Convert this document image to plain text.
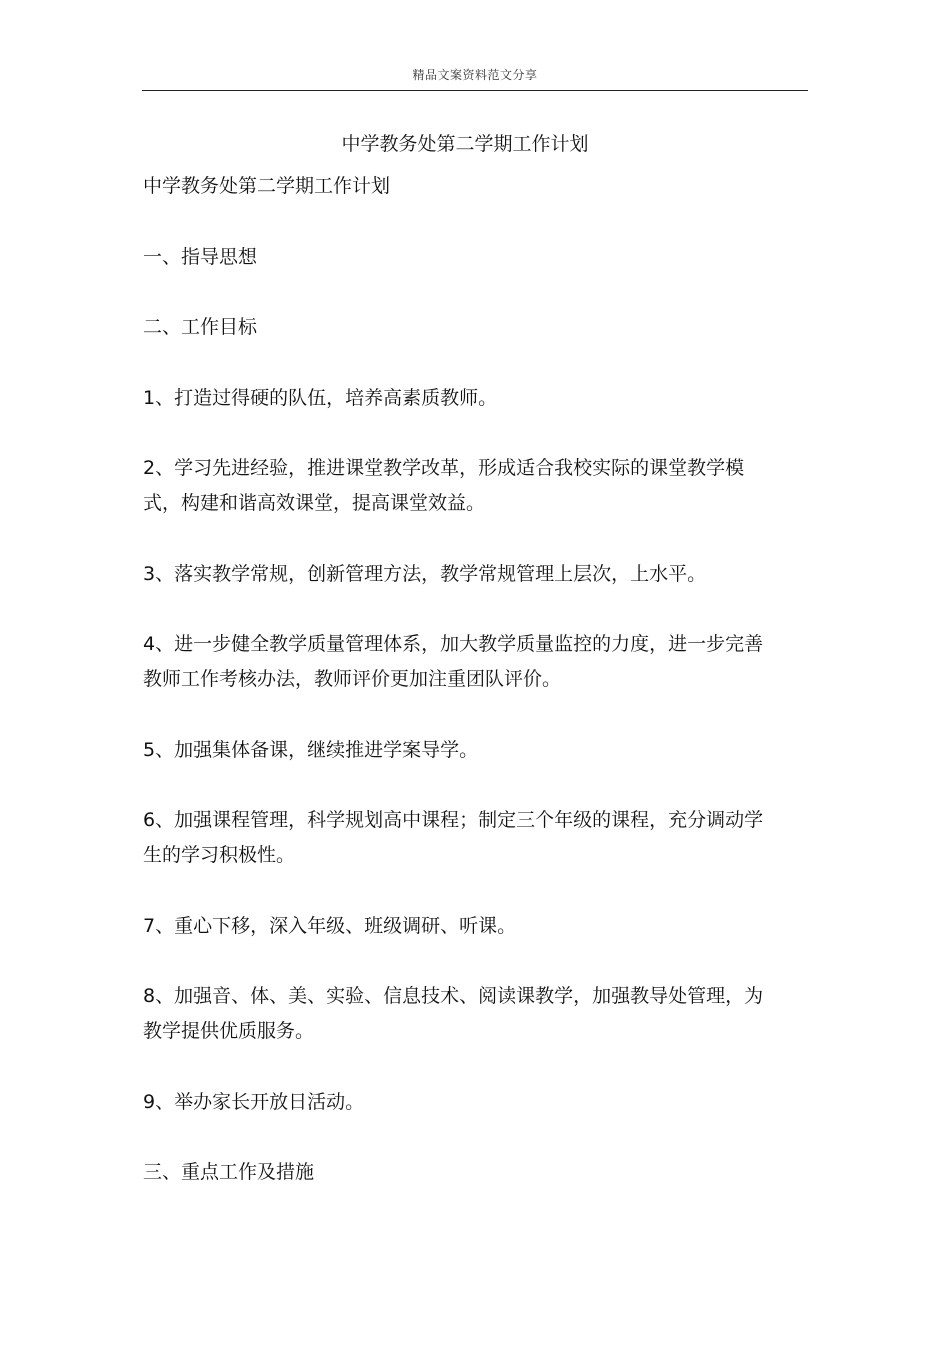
精品文案资料范文分享
中学教务处第二学期工作计划

中学教务处第二学期工作计划

一、指导思想

二、工作目标

1、打造过得硬的队伍，培养高素质教师。

2、学习先进经验，推进课堂教学改革，形成适合我校实际的课堂教学模式，构建和谐高效课堂，提高课堂效益。

3、落实教学常规，创新管理方法，教学常规管理上层次，上水平。

4、进一步健全教学质量管理体系，加大教学质量监控的力度，进一步完善教师工作考核办法，教师评价更加注重团队评价。

5、加强集体备课，继续推进学案导学。

6、加强课程管理，科学规划高中课程；制定三个年级的课程，充分调动学生的学习积极性。

7、重心下移，深入年级、班级调研、听课。

8、加强音、体、美、实验、信息技术、阅读课教学，加强教导处管理，为教学提供优质服务。

9、举办家长开放日活动。

三、重点工作及措施
